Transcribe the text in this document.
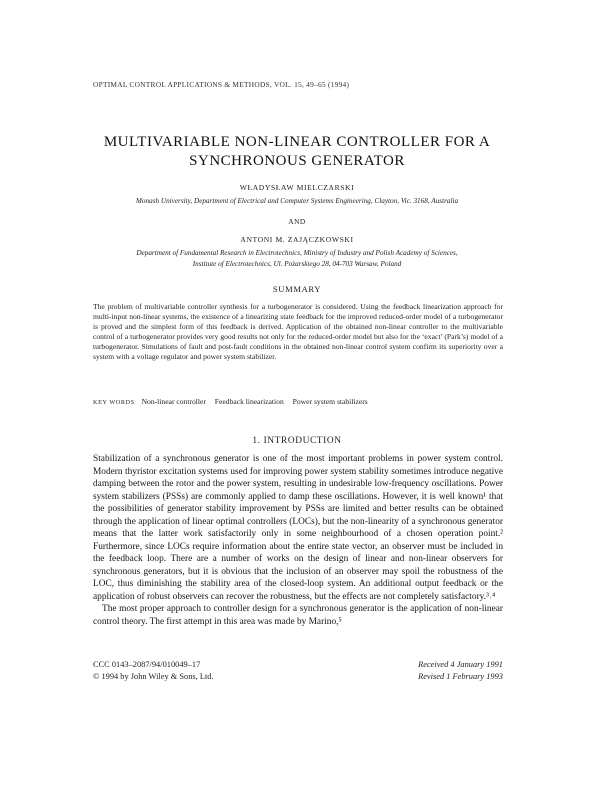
OPTIMAL CONTROL APPLICATIONS & METHODS, VOL. 15, 49–65 (1994)
MULTIVARIABLE NON-LINEAR CONTROLLER FOR A
SYNCHRONOUS GENERATOR
WŁADYSŁAW MIELCZARSKI
Monash University, Department of Electrical and Computer Systems Engineering, Clayton, Vic. 3168, Australia
AND
ANTONI M. ZAJĄCZKOWSKI
Department of Fundamental Research in Electrotechnics, Ministry of Industry and Polish Academy of Sciences,
Institute of Electrotechnics, Ul. Pożarskiego 28, 04-703 Warsaw, Poland
SUMMARY
The problem of multivariable controller synthesis for a turbogenerator is considered. Using the feedback linearization approach for multi-input non-linear systems, the existence of a linearizing state feedback for the improved reduced-order model of a turbogenerator is proved and the simplest form of this feedback is derived. Application of the obtained non-linear controller to the multivariable control of a turbogenerator provides very good results not only for the reduced-order model but also for the ‘exact’ (Park’s) model of a turbogenerator. Simulations of fault and post-fault conditions in the obtained non-linear control system confirm its superiority over a system with a voltage regulator and power system stabilizer.
KEY WORDS Non-linear controller Feedback linearization Power system stabilizers
1. INTRODUCTION

Stabilization of a synchronous generator is one of the most important problems in power system control. Modern thyristor excitation systems used for improving power system stability sometimes introduce negative damping between the rotor and the power system, resulting in undesirable low-frequency oscillations. Power system stabilizers (PSSs) are commonly applied to damp these oscillations. However, it is well known¹ that the possibilities of generator stability improvement by PSSs are limited and better results can be obtained through the application of linear optimal controllers (LOCs), but the non-linearity of a synchronous generator means that the latter work satisfactorily only in some neighbourhood of a chosen operation point.² Furthermore, since LOCs require information about the entire state vector, an observer must be included in the feedback loop. There are a number of works on the design of linear and non-linear observers for synchronous generators, but it is obvious that the inclusion of an observer may spoil the robustness of the LOC, thus diminishing the stability area of the closed-loop system. An additional output feedback or the application of robust observers can recover the robustness, but the effects are not completely satisfactory.³˒⁴

The most proper approach to controller design for a synchronous generator is the application of non-linear control theory. The first attempt in this area was made by Marino,⁵

CCC 0143–2087/94/010049–17
© 1994 by John Wiley & Sons, Ltd.
Received 4 January 1991
Revised 1 February 1993
